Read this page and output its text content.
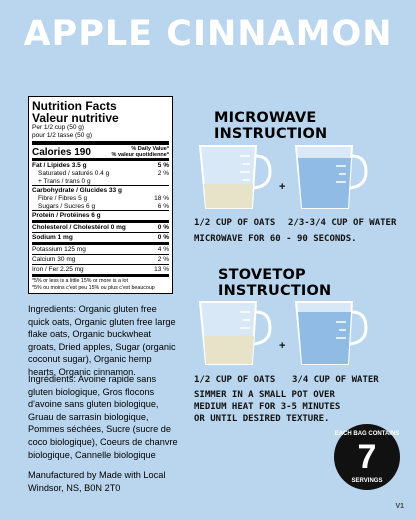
APPLE CINNAMON
Nutrition Facts
Valeur nutritive
Per 1/2 cup (50 g)
pour 1/2 tasse (50 g)
Calories 190	% Daily Value*
% valeur quotidienne*
Fat / Lipides 3.5 g	5 %
Saturated / saturés 0.4 g	2 %
+ Trans / trans 0 g
Carbohydrate / Glucides 33 g
Fibre / Fibres 5 g	18 %
Sugars / Sucres 6 g	6 %
Protein / Protéines 6 g
Cholesterol / Cholestérol 0 mg	0 %
Sodium 1 mg	0 %
Potassium 125 mg	4 %
Calcium 30 mg	2 %
Iron / Fer 2.25 mg	13 %
*5% or less is a little 15% or more is a lot
*5% ou moins c'est peu 15% ou plus c'est beaucoup
Ingredients: Organic gluten free quick oats, Organic gluten free large flake oats, Organic buckwheat groats, Dried apples, Sugar (organic coconut sugar), Organic hemp hearts, Organic cinnamon.
Ingrédients: Avoine rapide sans gluten biologique, Gros flocons d'avoine sans gluten biologique, Gruau de sarrasin biologique, Pommes séchées, Sucre (sucre de coco biologique), Coeurs de chanvre biologique, Cannelle biologique
Manufactured by Made with Local Windsor, NS, B0N 2T0
MICROWAVE INSTRUCTION
+
1/2 CUP OF OATS 2/3-3/4 CUP OF WATER
MICROWAVE FOR 60 - 90 SECONDS.
STOVETOP INSTRUCTION
+
1/2 CUP OF OATS 3/4 CUP OF WATER
SIMMER IN A SMALL POT OVER
MEDIUM HEAT FOR 3-5 MINUTES
OR UNTIL DESIRED TEXTURE.
EACH BAG CONTAINS
7
SERVINGS
V1
